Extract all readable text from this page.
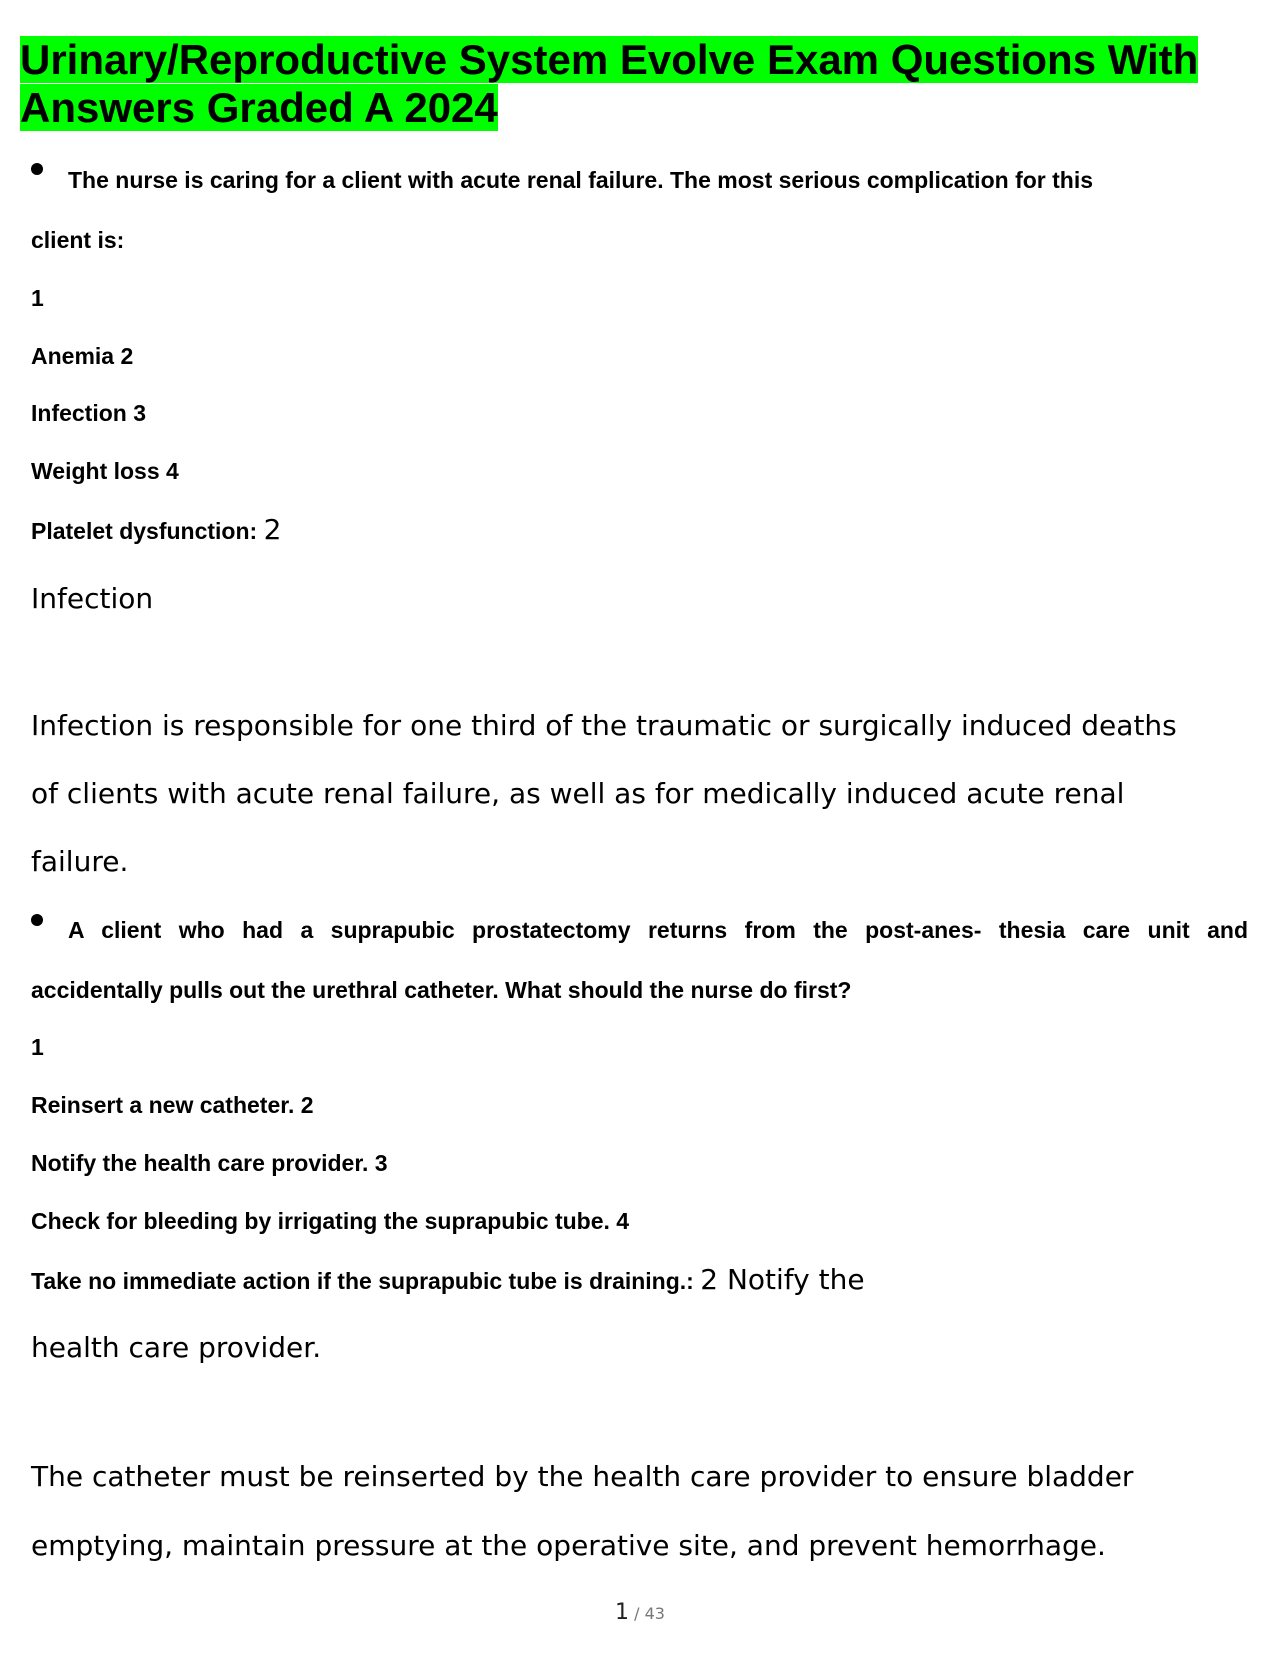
Urinary/Reproductive System Evolve Exam Questions With
Answers Graded A 2024
The nurse is caring for a client with acute renal failure. The most serious complication for this
client is:
1
Anemia 2
Infection 3
Weight loss 4
Platelet dysfunction: 2
Infection
Infection is responsible for one third of the traumatic or surgically induced deaths
of clients with acute renal failure, as well as for medically induced acute renal
failure.
A client who had a suprapubic prostatectomy returns from the post-anes- thesia care unit and
accidentally pulls out the urethral catheter. What should the nurse do first?
1
Reinsert a new catheter. 2
Notify the health care provider. 3
Check for bleeding by irrigating the suprapubic tube. 4
Take no immediate action if the suprapubic tube is draining.: 2 Notify the
health care provider.
The catheter must be reinserted by the health care provider to ensure bladder
emptying, maintain pressure at the operative site, and prevent hemorrhage.
1 / 43
